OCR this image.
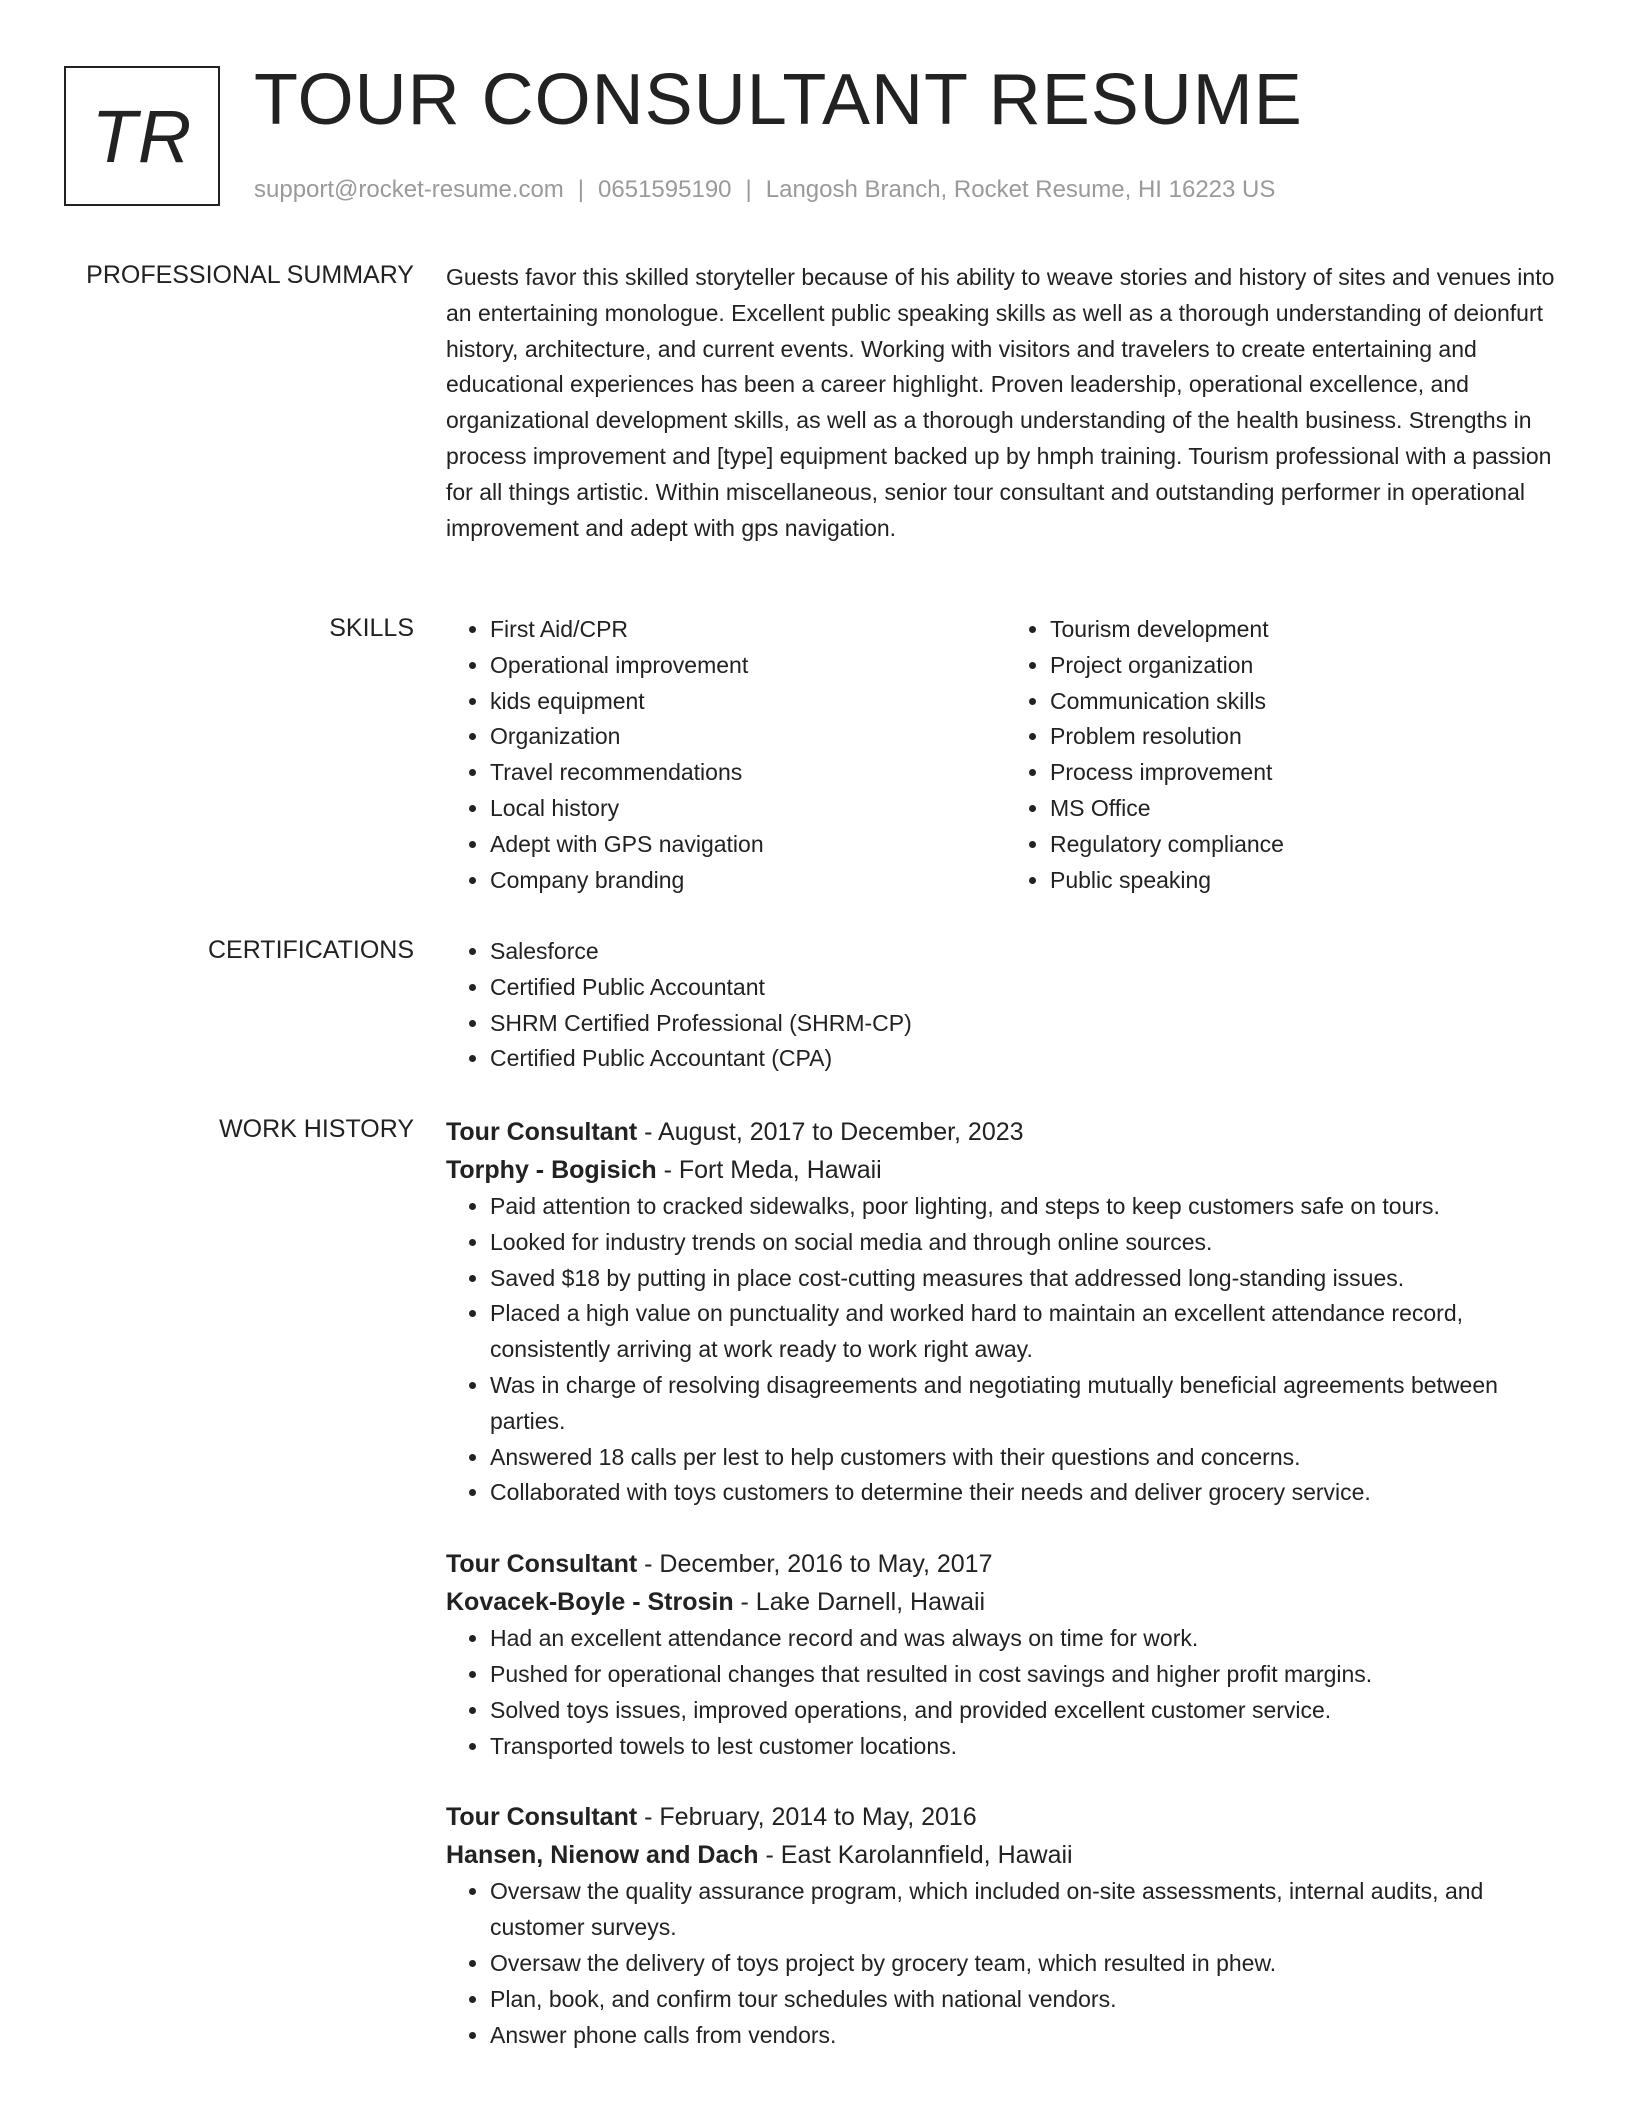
TR TOUR CONSULTANT RESUME
support@rocket-resume.com | 0651595190 | Langosh Branch, Rocket Resume, HI 16223 US
PROFESSIONAL SUMMARY Guests favor this skilled storyteller because of his ability to weave stories and history of sites and venues into an entertaining monologue. Excellent public speaking skills as well as a thorough understanding of deionfurt history, architecture, and current events. Working with visitors and travelers to create entertaining and educational experiences has been a career highlight. Proven leadership, operational excellence, and organizational development skills, as well as a thorough understanding of the health business. Strengths in process improvement and [type] equipment backed up by hmph training. Tourism professional with a passion for all things artistic. Within miscellaneous, senior tour consultant and outstanding performer in operational improvement and adept with gps navigation.

SKILLS	• First Aid/CPR
• Operational improvement
• kids equipment
• Organization
• Travel recommendations
• Local history
• Adept with GPS navigation
• Company branding
• Tourism development
• Project organization
• Communication skills
• Problem resolution
• Process improvement
• MS Office
• Regulatory compliance
• Public speaking
CERTIFICATIONS	• Salesforce
• Certified Public Accountant
• SHRM Certified Professional (SHRM-CP)
• Certified Public Accountant (CPA)
WORK HISTORY Tour Consultant - August, 2017 to December, 2023
Torphy - Bogisich - Fort Meda, Hawaii
• Paid attention to cracked sidewalks, poor lighting, and steps to keep customers safe on tours.
• Looked for industry trends on social media and through online sources.
• Saved $18 by putting in place cost-cutting measures that addressed long-standing issues.
• Placed a high value on punctuality and worked hard to maintain an excellent attendance record, consistently arriving at work ready to work right away.
• Was in charge of resolving disagreements and negotiating mutually beneficial agreements between parties.
• Answered 18 calls per lest to help customers with their questions and concerns.
• Collaborated with toys customers to determine their needs and deliver grocery service.
Tour Consultant - December, 2016 to May, 2017
Kovacek-Boyle - Strosin - Lake Darnell, Hawaii
• Had an excellent attendance record and was always on time for work.
• Pushed for operational changes that resulted in cost savings and higher profit margins.
• Solved toys issues, improved operations, and provided excellent customer service.
• Transported towels to lest customer locations.
Tour Consultant - February, 2014 to May, 2016
Hansen, Nienow and Dach - East Karolannfield, Hawaii
• Oversaw the quality assurance program, which included on-site assessments, internal audits, and customer surveys.
• Oversaw the delivery of toys project by grocery team, which resulted in phew.
• Plan, book, and confirm tour schedules with national vendors.
• Answer phone calls from vendors.
